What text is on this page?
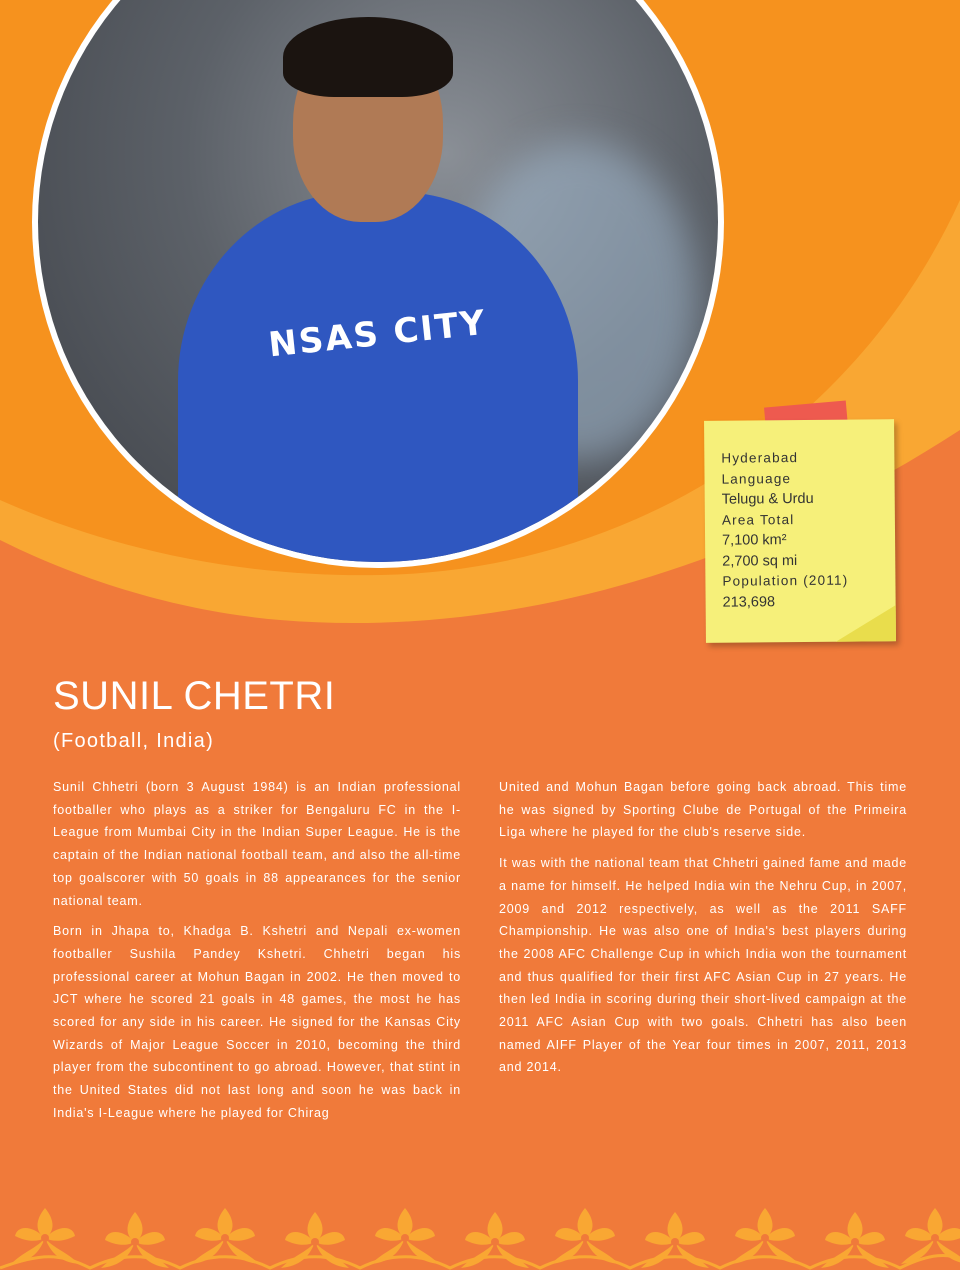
NSAS CITY
Hyderabad
Language
Telugu & Urdu
Area Total
7,100 km²
2,700 sq mi
Population (2011)
213,698
SUNIL CHETRI
(Football, India)

Sunil Chhetri (born 3 August 1984) is an Indian professional footballer who plays as a striker for Bengaluru FC in the I-League from Mumbai City in the Indian Super League. He is the captain of the Indian national football team, and also the all-time top goalscorer with 50 goals in 88 appearances for the senior national team.

Born in Jhapa to, Khadga B. Kshetri and Nepali ex-women footballer Sushila Pandey Kshetri. Chhetri began his professional career at Mohun Bagan in 2002. He then moved to JCT where he scored 21 goals in 48 games, the most he has scored for any side in his career. He signed for the Kansas City Wizards of Major League Soccer in 2010, becoming the third player from the subcontinent to go abroad. However, that stint in the United States did not last long and soon he was back in India's I-League where he played for Chirag

United and Mohun Bagan before going back abroad. This time he was signed by Sporting Clube de Portugal of the Primeira Liga where he played for the club's reserve side.

It was with the national team that Chhetri gained fame and made a name for himself. He helped India win the Nehru Cup, in 2007, 2009 and 2012 respectively, as well as the 2011 SAFF Championship. He was also one of India's best players during the 2008 AFC Challenge Cup in which India won the tournament and thus qualified for their first AFC Asian Cup in 27 years. He then led India in scoring during their short-lived campaign at the 2011 AFC Asian Cup with two goals. Chhetri has also been named AIFF Player of the Year four times in 2007, 2011, 2013 and 2014.
